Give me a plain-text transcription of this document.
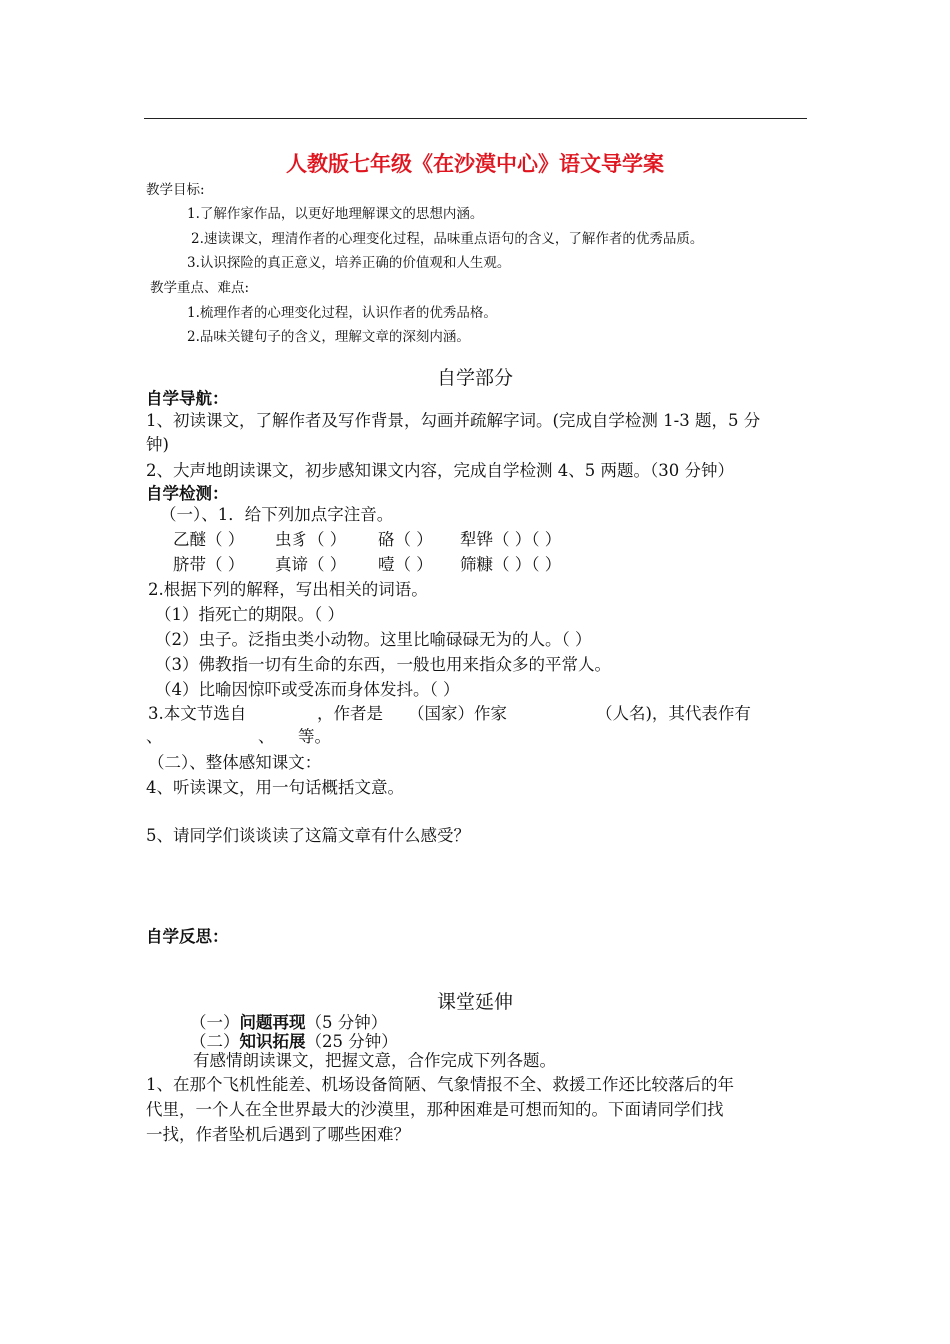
人教版七年级《在沙漠中心》语文导学案
教学目标:
1.了解作家作品，以更好地理解课文的思想内涵。
2.速读课文，理清作者的心理变化过程，品味重点语句的含义，了解作者的优秀品质。
3.认识探险的真正意义，培养正确的价值观和人生观。
教学重点、难点:
1.梳理作者的心理变化过程，认识作者的优秀品格。
2.品味关键句子的含义，理解文章的深刻内涵。
自学部分
自学导航：
1、初读课文，了解作者及写作背景，勾画并疏解字词。(完成自学检测 1-3 题，5 分
钟)
2、大声地朗读课文，初步感知课文内容，完成自学检测 4、5 两题。（30 分钟）
自学检测：
（一）、1．给下列加点字注音。
乙醚（ ） 虫豸（ ） 硌（ ） 犁铧（ ）（ ）
脐带（ ） 真谛（ ） 噎（ ） 筛糠（ ）（ ）
2.根据下列的解释，写出相关的词语。
（1）指死亡的期限。（ ）
（2）虫子。泛指虫类小动物。这里比喻碌碌无为的人。（ ）
（3）佛教指一切有生命的东西，一般也用来指众多的平常人。
（4）比喻因惊吓或受冻而身体发抖。（ ）
3.本文节选自	，作者是 （国家）作家	（人名)，其代表作有
、	、 等。
（二）、整体感知课文：
4、听读课文，用一句话概括文意。
5、请同学们谈谈读了这篇文章有什么感受？
自学反思：
课堂延伸
（一）问题再现（5 分钟）
（二）知识拓展（25 分钟）
有感情朗读课文，把握文意，合作完成下列各题。
1、在那个飞机性能差、机场设备简陋、气象情报不全、救援工作还比较落后的年
代里，一个人在全世界最大的沙漠里，那种困难是可想而知的。下面请同学们找
一找，作者坠机后遇到了哪些困难？
